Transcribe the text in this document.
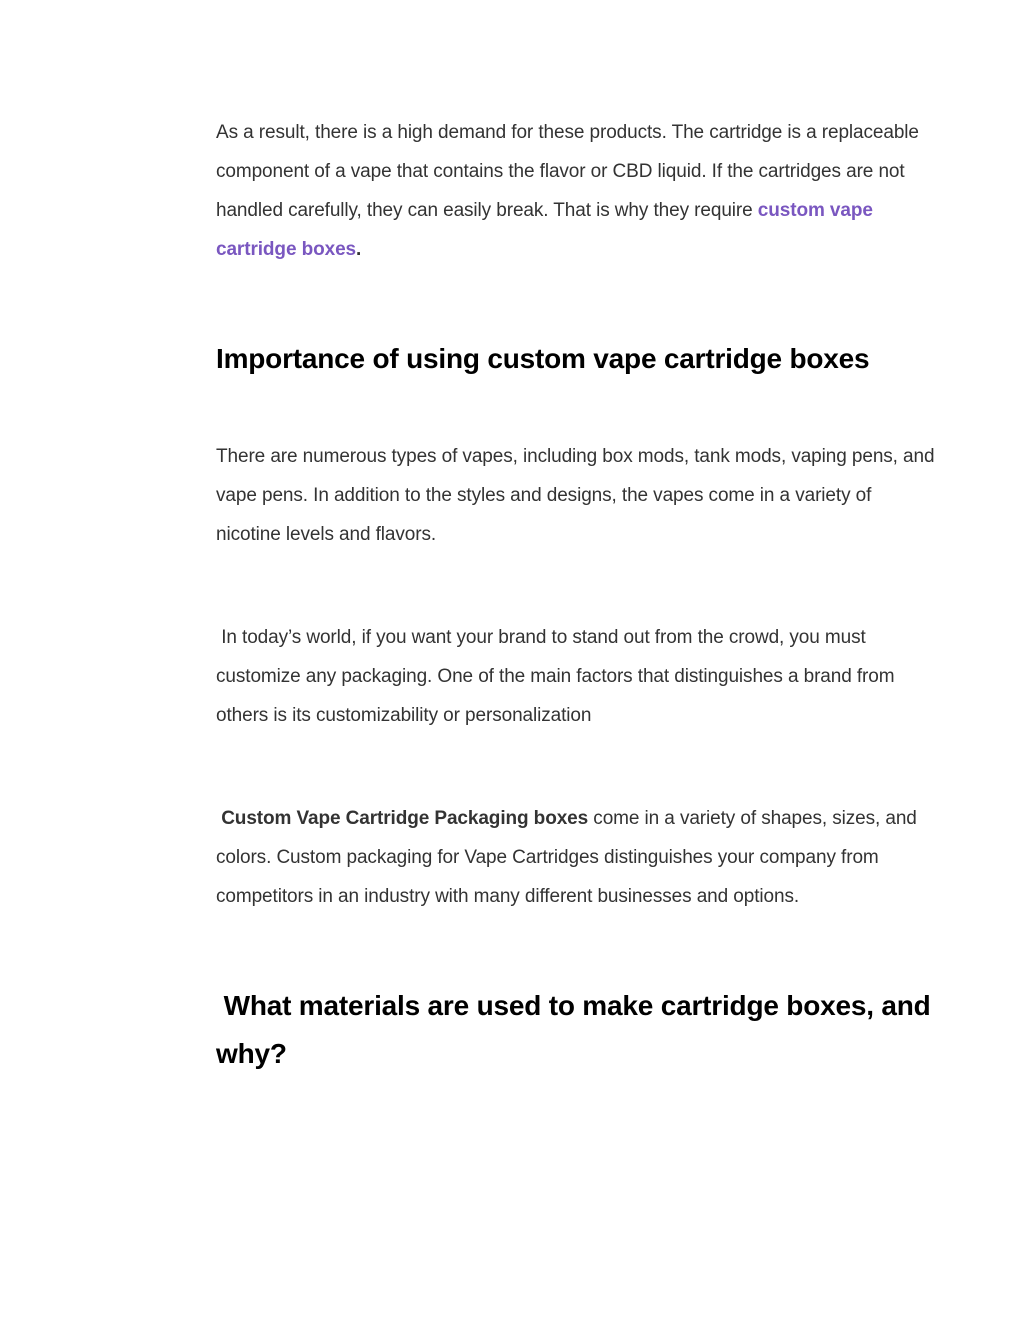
As a result, there is a high demand for these products. The cartridge is a replaceable component of a vape that contains the flavor or CBD liquid. If the cartridges are not handled carefully, they can easily break. That is why they require custom vape cartridge boxes.

Importance of using custom vape cartridge boxes

There are numerous types of vapes, including box mods, tank mods, vaping pens, and vape pens. In addition to the styles and designs, the vapes come in a variety of nicotine levels and flavors.

In today’s world, if you want your brand to stand out from the crowd, you must customize any packaging. One of the main factors that distinguishes a brand from others is its customizability or personalization

Custom Vape Cartridge Packaging boxes come in a variety of shapes, sizes, and colors. Custom packaging for Vape Cartridges distinguishes your company from competitors in an industry with many different businesses and options.

What materials are used to make cartridge boxes, and why?
